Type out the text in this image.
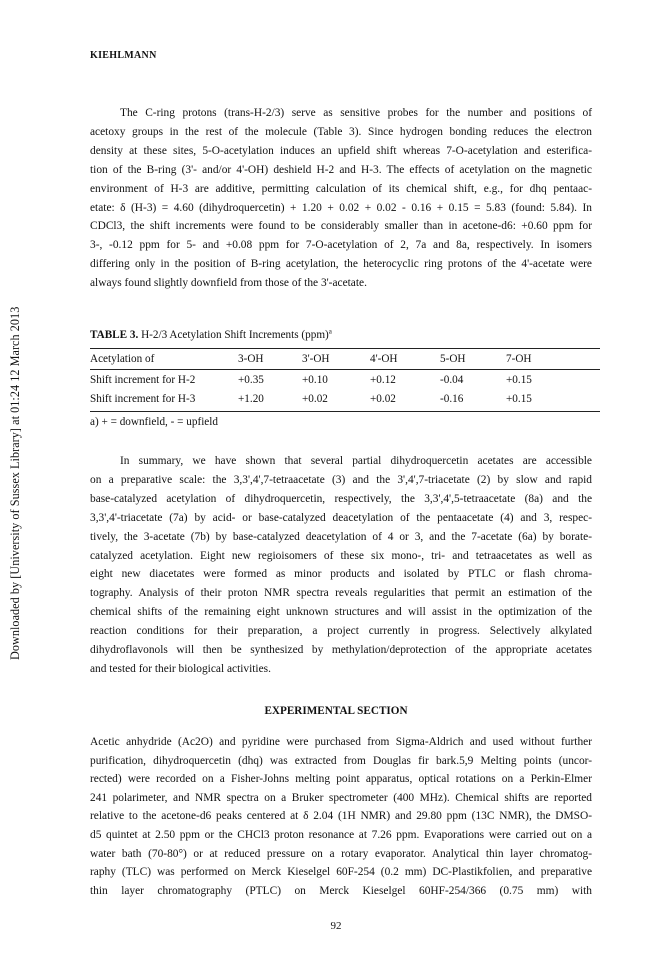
Downloaded by [University of Sussex Library] at 01:24 12 March 2013
KIEHLMANN
The C-ring protons (trans-H-2/3) serve as sensitive probes for the number and positions of
acetoxy groups in the rest of the molecule (Table 3). Since hydrogen bonding reduces the electron
density at these sites, 5-O-acetylation induces an upfield shift whereas 7-O-acetylation and esterifica-
tion of the B-ring (3'- and/or 4'-OH) deshield H-2 and H-3. The effects of acetylation on the magnetic
environment of H-3 are additive, permitting calculation of its chemical shift, e.g., for dhq pentaac-
etate: δ (H-3) = 4.60 (dihydroquercetin) + 1.20 + 0.02 + 0.02 - 0.16 + 0.15 = 5.83 (found: 5.84). In
CDCl3, the shift increments were found to be considerably smaller than in acetone-d6: +0.60 ppm for
3-, -0.12 ppm for 5- and +0.08 ppm for 7-O-acetylation of 2, 7a and 8a, respectively. In isomers
differing only in the position of B-ring acetylation, the heterocyclic ring protons of the 4'-acetate were
always found slightly downfield from those of the 3'-acetate.
TABLE 3. H-2/3 Acetylation Shift Increments (ppm)$^a$
Acetylation of	3-OH	3'-OH	4'-OH	5-OH	7-OH
Shift increment for H-2	+0.35	+0.10	+0.12	-0.04	+0.15
Shift increment for H-3	+1.20	+0.02	+0.02	-0.16	+0.15
a) + = downfield, - = upfield
In summary, we have shown that several partial dihydroquercetin acetates are accessible
on a preparative scale: the 3,3',4',7-tetraacetate (3) and the 3',4',7-triacetate (2) by slow and rapid
base-catalyzed acetylation of dihydroquercetin, respectively, the 3,3',4',5-tetraacetate (8a) and the
3,3',4'-triacetate (7a) by acid- or base-catalyzed deacetylation of the pentaacetate (4) and 3, respec-
tively, the 3-acetate (7b) by base-catalyzed deacetylation of 4 or 3, and the 7-acetate (6a) by borate-
catalyzed acetylation. Eight new regioisomers of these six mono-, tri- and tetraacetates as well as
eight new diacetates were formed as minor products and isolated by PTLC or flash chroma-
tography. Analysis of their proton NMR spectra reveals regularities that permit an estimation of the
chemical shifts of the remaining eight unknown structures and will assist in the optimization of the
reaction conditions for their preparation, a project currently in progress. Selectively alkylated
dihydroflavonols will then be synthesized by methylation/deprotection of the appropriate acetates
and tested for their biological activities.
EXPERIMENTAL SECTION
Acetic anhydride (Ac2O) and pyridine were purchased from Sigma-Aldrich and used without further
purification, dihydroquercetin (dhq) was extracted from Douglas fir bark.5,9 Melting points (uncor-
rected) were recorded on a Fisher-Johns melting point apparatus, optical rotations on a Perkin-Elmer
241 polarimeter, and NMR spectra on a Bruker spectrometer (400 MHz). Chemical shifts are reported
relative to the acetone-d6 peaks centered at δ 2.04 (1H NMR) and 29.80 ppm (13C NMR), the DMSO-
d5 quintet at 2.50 ppm or the CHCl3 proton resonance at 7.26 ppm. Evaporations were carried out on a
water bath (70-80°) or at reduced pressure on a rotary evaporator. Analytical thin layer chromatog-
raphy (TLC) was performed on Merck Kieselgel 60F-254 (0.2 mm) DC-Plastikfolien, and preparative
thin layer chromatography (PTLC) on Merck Kieselgel 60HF-254/366 (0.75 mm) with
92
